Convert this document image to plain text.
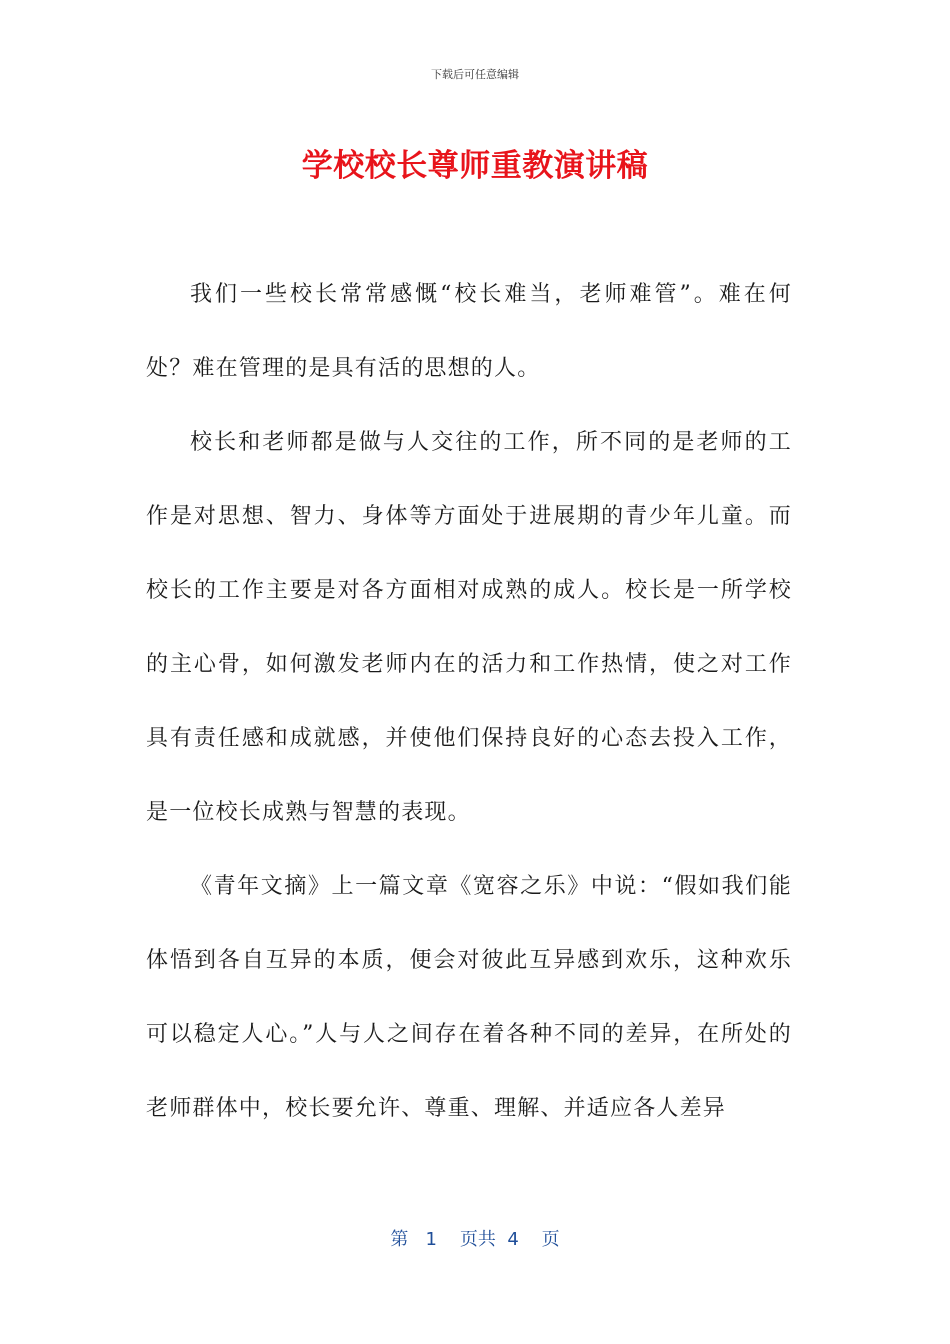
下载后可任意编辑
学校校长尊师重教演讲稿

我们一些校长常常感慨“校长难当，老师难管”。难在何处？难在管理的是具有活的思想的人。

校长和老师都是做与人交往的工作，所不同的是老师的工作是对思想、智力、身体等方面处于进展期的青少年儿童。而校长的工作主要是对各方面相对成熟的成人。校长是一所学校的主心骨，如何激发老师内在的活力和工作热情，使之对工作具有责任感和成就感，并使他们保持良好的心态去投入工作，是一位校长成熟与智慧的表现。

《青年文摘》上一篇文章《宽容之乐》中说：“假如我们能体悟到各自互异的本质，便会对彼此互异感到欢乐，这种欢乐可以稳定人心。”人与人之间存在着各种不同的差异，在所处的老师群体中，校长要允许、尊重、理解、并适应各人差异

第 1 页共 4 页
